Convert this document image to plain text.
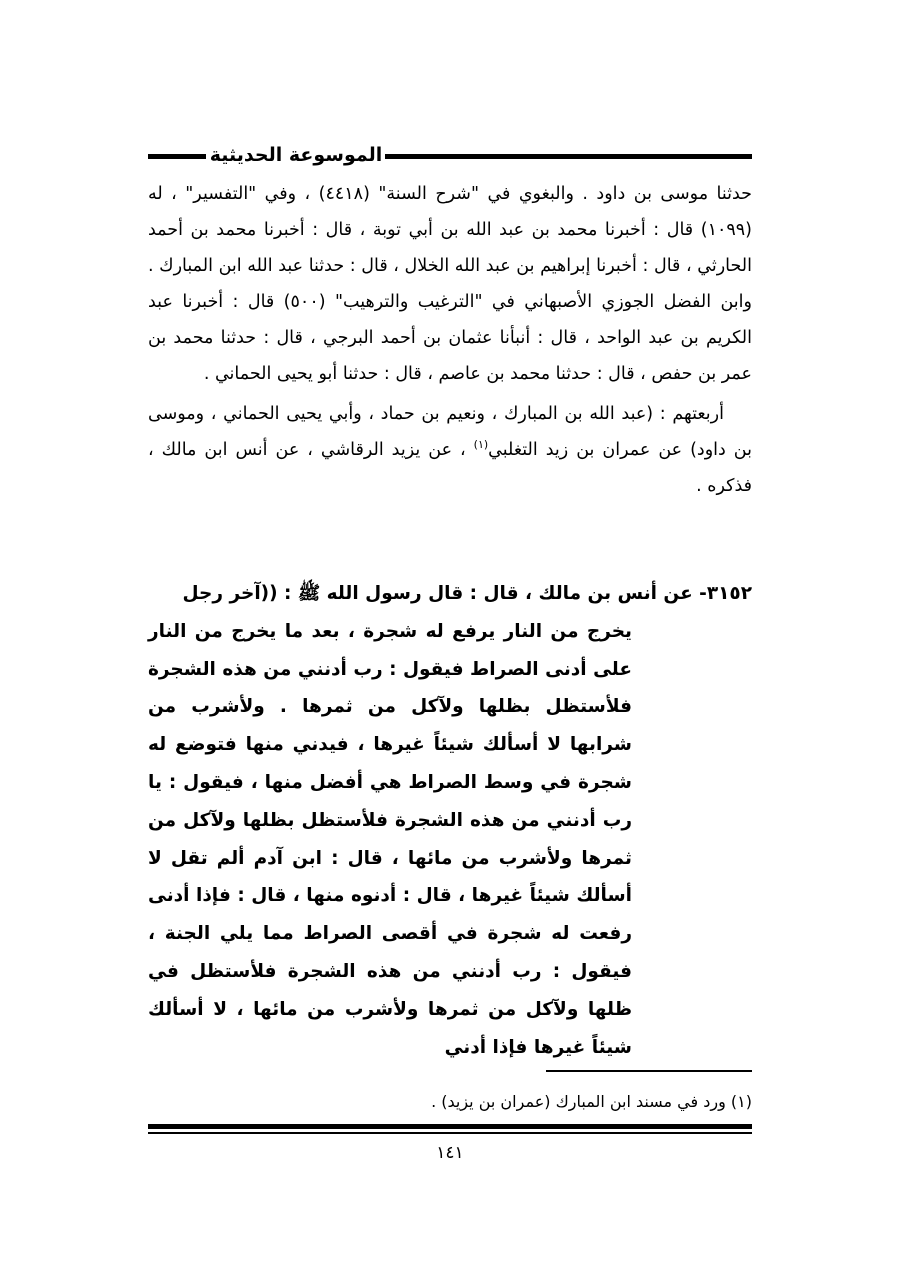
الموسوعة الحديثية

حدثنا موسى بن داود . والبغوي في "شرح السنة" (٤٤١٨) ، وفي "التفسير" ، له (١٠٩٩) قال : أخبرنا محمد بن عبد الله بن أبي توبة ، قال : أخبرنا محمد بن أحمد الحارثي ، قال : أخبرنا إبراهيم بن عبد الله الخلال ، قال : حدثنا عبد الله ابن المبارك . وابن الفضل الجوزي الأصبهاني في "الترغيب والترهيب" (٥٠٠) قال : أخبرنا عبد الكريم بن عبد الواحد ، قال : أنبأنا عثمان بن أحمد البرجي ، قال : حدثنا محمد بن عمر بن حفص ، قال : حدثنا محمد بن عاصم ، قال : حدثنا أبو يحيى الحماني .

أربعتهم : (عبد الله بن المبارك ، ونعيم بن حماد ، وأبي يحيى الحماني ، وموسى بن داود) عن عمران بن زيد التغلبي$^{(١)}$ ، عن يزيد الرقاشي ، عن أنس ابن مالك ، فذكره .

٣١٥٢- عن أنس بن مالك ، قال : قال رسول الله ﷺ : ((آخر رجل

يخرج من النار يرفع له شجرة ، بعد ما يخرج من النار على أدنى الصراط فيقول : رب أدنني من هذه الشجرة فلأستظل بظلها ولآكل من ثمرها . ولأشرب من شرابها لا أسألك شيئاً غيرها ، فيدني منها فتوضع له شجرة في وسط الصراط هي أفضل منها ، فيقول : يا رب أدنني من هذه الشجرة فلأستظل بظلها ولآكل من ثمرها ولأشرب من مائها ، قال : ابن آدم ألم تقل لا أسألك شيئاً غيرها ، قال : أدنوه منها ، قال : فإذا أدنى رفعت له شجرة في أقصى الصراط مما يلي الجنة ، فيقول : رب أدنني من هذه الشجرة فلأستظل في ظلها ولآكل من ثمرها ولأشرب من مائها ، لا أسألك شيئاً غيرها فإذا أدني

(١) ورد في مسند ابن المبارك (عمران بن يزيد) .
١٤١
